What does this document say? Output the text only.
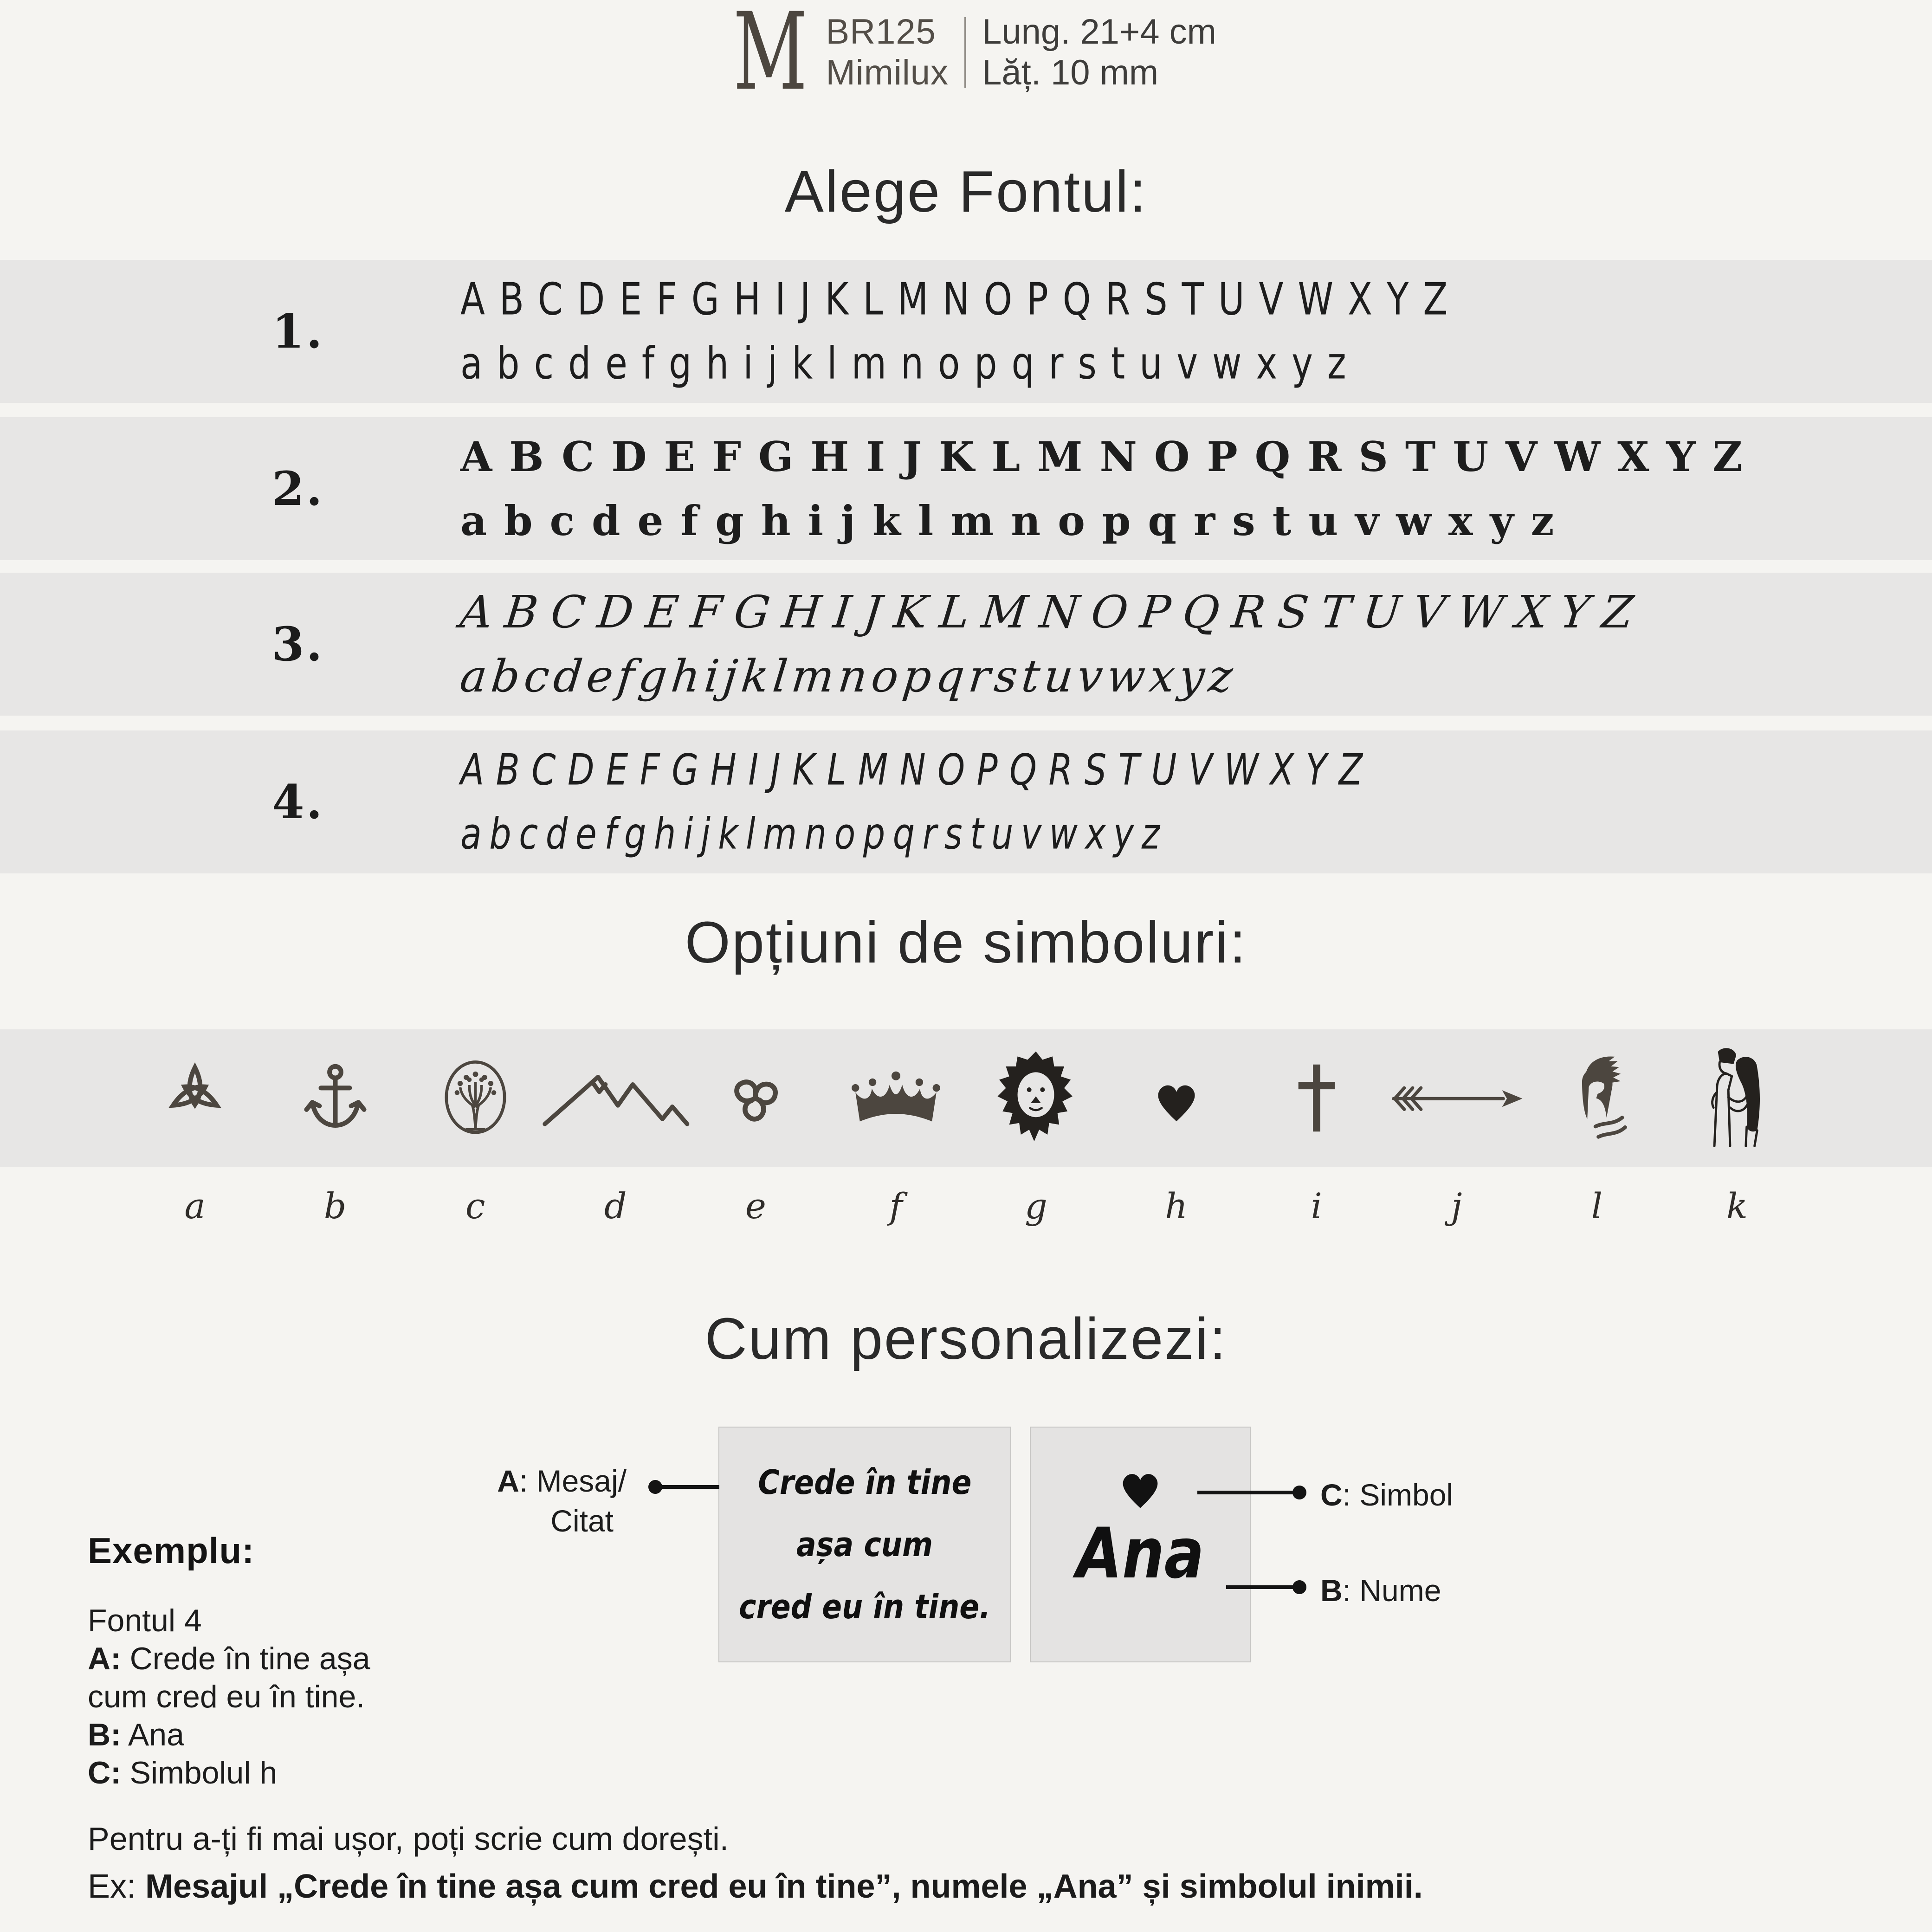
M BR125
Mimilux
Lung. 21+4 cm
Lăț. 10 mm
Alege Fontul:
1.
ABCDEFGHIJKLMNOPQRSTUVWXYZ
abcdefghijklmnopqrstuvwxyz
2.
ABCDEFGHIJKLMNOPQRSTUVWXYZ
abcdefghijklmnopqrstuvwxyz
3.
ABCDEFGHIJKLMNOPQRSTUVWXYZ
abcdefghijklmnopqrstuvwxyz
4.
ABCDEFGHIJKLMNOPQRSTUVWXYZ
abcdefghijklmnopqrstuvwxyz
Opțiuni de simboluri:
a	b	c	d	e	f	g	h	i	j	l	k
Cum personalizezi:
Crede în tine
așa cum
cred eu în tine.
Ana
A: Mesaj/
Citat
C: Simbol
B: Nume
Exemplu:
Fontul 4
A: Crede în tine așa
cum cred eu în tine.
B: Ana
C: Simbolul h
Pentru a-ți fi mai ușor, poți scrie cum dorești.
Ex: Mesajul „Crede în tine așa cum cred eu în tine”, numele „Ana” și simbolul inimii.
